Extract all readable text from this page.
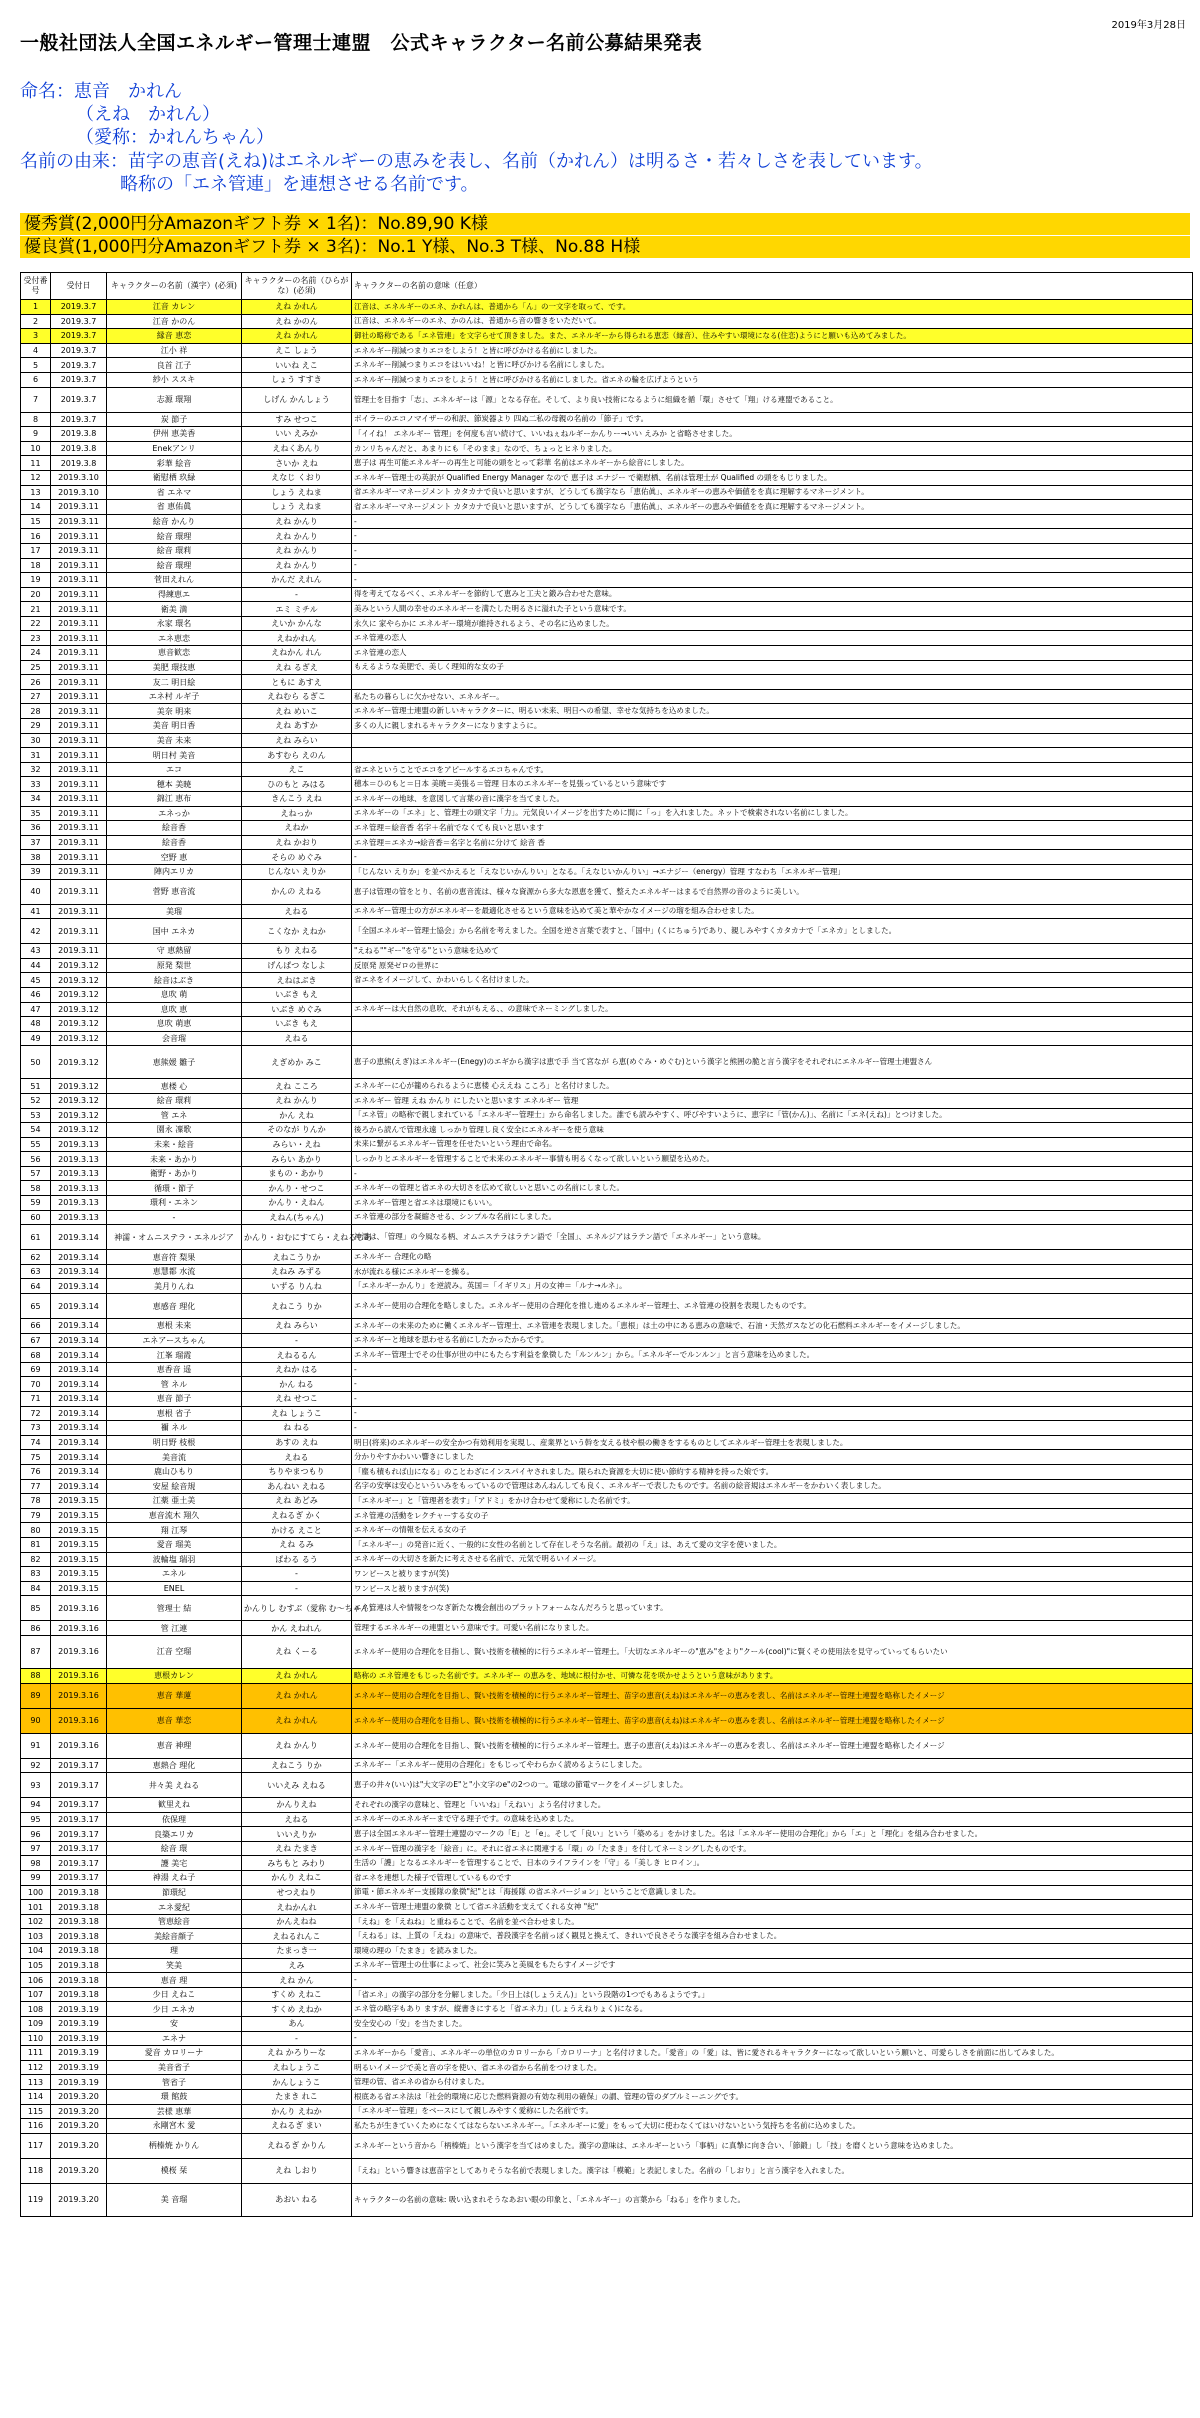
2019年3月28日
一般社団法人全国エネルギー管理士連盟　公式キャラクター名前公募結果発表
命名：恵音　かれん
（えね　かれん）
（愛称：かれんちゃん）
名前の由来：苗字の恵音(えね)はエネルギーの恵みを表し、名前（かれん）は明るさ・若々しさを表しています。
略称の「エネ管連」を連想させる名前です。
優秀賞(2,000円分Amazonギフト券 × 1名)：No.89,90 K様
優良賞(1,000円分Amazonギフト券 × 3名)：No.1 Y様、No.3 T様、No.88 H様
受付番号	受付日	キャラクターの名前（漢字）(必須)	キャラクターの名前（ひらがな）(必須)	キャラクターの名前の意味（任意）
1	2019.3.7	江音 カレン	えね かれん	江音は、エネルギーのエネ、かれんは、普通から「ん」の一文字を取って、です。
2	2019.3.7	江音 かのん	えね かのん	江音は、エネルギーのエネ、かのんは、普通から音の響きをいただいて。
3	2019.3.7	縁音 恵恋	えね かれん	御社の略称である「エネ管連」を文字らせて頂きました。また、エネルギーから得られる恵恋（縁音）、住みやすい環境になる(住恋)ようにと願いも込めてみました。
4	2019.3.7	江小 祥	えこ しょう	エネルギー削減つまりエコをしよう！と皆に呼びかける名前にしました。
5	2019.3.7	良首 江子	いいね えこ	エネルギー削減つまりエコをはいいね！と皆に呼びかける名前にしました。
6	2019.3.7	紗小 ススキ	しょう すすき	エネルギー削減つまりエコをしよう！と皆に呼びかける名前にしました。省エネの輪を広げようという
7	2019.3.7	志源 環翔	しげん かんしょう	管理士を目指す「志」、エネルギーは「源」となる存在。そして、より良い技術になるように組織を循「環」させて「翔」ける連盟であること。
8	2019.3.7	炭 節子	すみ せつこ	ボイラーのエコノマイザーの和訳、節炭器より 四ぬ二私の母親の名前の「節子」です。
9	2019.3.8	伊州 恵美香	いい えみか	「イイね！ エネルギー 管理」を何度も言い続けて、いいねぇねルギーかんりー→いい えみか と省略させました。
10	2019.3.8	Enekアンリ	えねくあんり	カンリちゃんだと、あまりにも「そのまま」なので、ちょっとヒネりました。
11	2019.3.8	彩華 絵音	さいか えね	恵子は 再生可能エネルギーの再生と可能の頭をとって彩華 名前はエネルギーから絵音にしました。
12	2019.3.10	衛慰栖 玖緑	えなじ くおり	エネルギー管理士の英訳が Qualified Energy Manager なので 恵子は エナジー で衛慰栖、名前は管理士が Qualified の頭をもじりました。
13	2019.3.10	省 エネマ	しょう えねま	省エネルギーマネージメント カタカナで良いと思いますが、どうしても漢字なら「恵佑眞」、エネルギーの恵みや価値をを真に理解するマネージメント。
14	2019.3.11	省 恵佑眞	しょう えねま	省エネルギーマネージメント カタカナで良いと思いますが、どうしても漢字なら「恵佑眞」、エネルギーの恵みや価値をを真に理解するマネージメント。
15	2019.3.11	絵音 かんり	えね かんり	-
16	2019.3.11	絵音 環理	えね かんり	-
17	2019.3.11	絵音 環莉	えね かんり	-
18	2019.3.11	絵音 環理	えね かんり	-
19	2019.3.11	菅田えれん	かんだ えれん	-
20	2019.3.11	得練恵エ	-	得を考えてなるべく、エネルギーを節約して恵みと工夫と鍛み合わせた意味。
21	2019.3.11	衛美 満	エミ ミチル	美みという人間の幸せのエネルギーを満たした明るさに溢れた子という意味です。
22	2019.3.11	永家 環名	えいか かんな	永久に 家やらかに エネルギー環境が維持されるよう、その名に込めました。
23	2019.3.11	エネ恵恋	えねかれん	エネ管連の恋人
24	2019.3.11	恵音歓恋	えねかん れん	エネ管連の恋人
25	2019.3.11	美肥 環技恵	えね るぎえ	もえるような美肥で、美しく理知的な女の子
26	2019.3.11	友二 明日絵	ともに あすえ	
27	2019.3.11	エネ村 ルギ子	えねむら るぎこ	私たちの暮らしに欠かせない、エネルギー。
28	2019.3.11	美奈 明来	えね めいこ	エネルギー管理士連盟の新しいキャラクターに、明るい未来、明日への希望、幸せな気持ちを込めました。
29	2019.3.11	美音 明日香	えね あすか	多くの人に親しまれるキャラクターになりますように。
30	2019.3.11	美音 未来	えね みらい	
31	2019.3.11	明日村 美音	あすむら えのん	
32	2019.3.11	エコ	えこ	省エネということでエコをアピールするエコちゃんです。
33	2019.3.11	穂本 美暁	ひのもと みはる	穂本＝ひのもと＝日本 美暁＝美張る＝管理 日本のエネルギーを見張っているという意味です
34	2019.3.11	錦江 恵布	きんこう えね	エネルギーの地球、を意図して言葉の音に漢字を当てました。
35	2019.3.11	エネっか	えねっか	エネルギーの「エネ」と、管理士の頭文字「力」。元気良いイメージを出すために間に「っ」を入れました。ネットで検索されない名前にしました。
36	2019.3.11	絵音香	えねか	エネ管理＝絵音香 名字＋名前でなくても良いと思います
37	2019.3.11	絵音香	えね かおり	エネ管理＝エネカ→絵音香＝名字と名前に分けて 絵音 香
38	2019.3.11	空野 恵	そらの めぐみ	-
39	2019.3.11	陣内エリカ	じんない えりか	「じんない えりか」を並べかえると「えなじいかんりい」となる。「えなじいかんりい」→エナジー（energy）管理 すなわち「エネルギー管理」
40	2019.3.11	菅野 恵音流	かんの えねる	恵子は管理の管をとり、名前の恵音流は、様々な資源から多大な恩恵を獲て、整えたエネルギーはまるで自然界の音のように美しい。
41	2019.3.11	美瑠	えねる	エネルギー管理士の方がエネルギーを最適化させるという意味を込めて美と華やかなイメージの瑠を組み合わせました。
42	2019.3.11	国中 エネカ	こくなか えねか	「全国エネルギー管理士協会」から名前を考えました。全国を逆さ言葉で表すと、「国中」(くにちゅう)であり、親しみやすくカタカナで「エネカ」としました。
43	2019.3.11	守 恵熱留	もり えねる	"えねる""ギー"を守る"という意味を込めて
44	2019.3.12	原発 梨世	げんぱつ なしよ	反原発 原発ゼロの世界に
45	2019.3.12	絵音はぶき	えねはぶき	省エネをイメージして、かわいらしく名付けました。
46	2019.3.12	息吹 萌	いぶき もえ	
47	2019.3.12	息吹 恵	いぶき めぐみ	エネルギーは大自然の息吹、それがもえる、、の意味でネーミングしました。
48	2019.3.12	息吹 萌恵	いぶき もえ	
49	2019.3.12	会音瑠	えねる	
50	2019.3.12	恵熊媛 雛子	えぎめか みこ	恵子の恵熊(えぎ)はエネルギー(Enegy)のエギから漢字は恵で手 当て宮なが ら恵(めぐみ・めぐむ)という漢字と熊囲の脆と言う漢字をそれぞれにエネルギー管理士連盟さん
51	2019.3.12	恵楼 心	えね こころ	エネルギーに心が籠められるように恵楼 心ええね こころ」と名付けました。
52	2019.3.12	絵音 環莉	えね かんり	エネルギー 管理 えね かんり にしたいと思います エネルギー 管理
53	2019.3.12	管 エネ	かん えね	「エネ管」の略称で親しまれている「エネルギー管理士」から命名しました。誰でも読みやすく、呼びやすいように、恵字に「管(かん)」、名前に「エネ(えね)」とつけました。
54	2019.3.12	園永 凜歌	そのなが りんか	後ろから読んで管理永遠 しっかり管理し良く安全にエネルギーを使う意味
55	2019.3.13	未来・絵音	みらい・えね	未来に繋がるエネルギー管理を任せたいという理由で命名。
56	2019.3.13	未来・あかり	みらい あかり	しっかりとエネルギーを管理することで未来のエネルギー事情も明るくなって欲しいという願望を込めた。
57	2019.3.13	衛野・あかり	まもの・あかり	-
58	2019.3.13	循環・節子	かんり・せつこ	エネルギーの管理と省エネの大切さを広めて欲しいと思いこの名前にしました。
59	2019.3.13	環利・エネン	かんり・えねん	エネルギー管理と省エネは環境にもいい。
60	2019.3.13	-	えねん(ちゃん)	エネ管連の部分を凝縮させる、シンプルな名前にしました。
61	2019.3.14	神濡・オムニステラ・エネルジア	かんり・おむにすてら・えねるじあ	神濡は、「管理」の今風なる柄、オムニステラはラテン語で「全国」、エネルジアはラテン語で「エネルギー」という意味。
62	2019.3.14	恵音符 梨果	えねこうりか	エネルギー 合理化の略
63	2019.3.14	恵慧都 水流	えねみ みずる	水が流れる様にエネルギーを操る。
64	2019.3.14	美月りんね	いずる りんね	「エネルギーかんり」を逆読み。英国＝「イギリス」月の女神＝「ルナ→ルネ」。
65	2019.3.14	恵感音 理化	えねこう りか	エネルギー使用の合理化を略しました。エネルギー使用の合理化を推し進めるエネルギー管理士、エネ管連の役割を表現したものです。
66	2019.3.14	恵根 未来	えね みらい	エネルギーの未来のために働くエネルギー管理士、エネ管連を表現しました。「恵根」は土の中にある恵みの意味で、石油・天然ガスなどの化石燃料エネルギーをイメージしました。
67	2019.3.14	エネアースちゃん	-	エネルギーと地球を思わせる名前にしたかったからです。
68	2019.3.14	江峯 瑠霞	えねるるん	エネルギー管理士でその仕事が世の中にもたらす利益を象徴した「ルンルン」から。「エネルギーでルンルン」と言う意味を込めました。
69	2019.3.14	恵香音 遥	えねか はる	-
70	2019.3.14	管 ネル	かん ねる	-
71	2019.3.14	恵音 節子	えね せつこ	-
72	2019.3.14	恵根 省子	えね しょうこ	-
73	2019.3.14	禰 ネル	ね ねる	-
74	2019.3.14	明日野 枝根	あすの えね	明日(将来)のエネルギーの安全かつ有効利用を実現し、産業界という幹を支える枝や根の働きをするものとしてエネルギー管理士を表現しました。
75	2019.3.14	美音流	えねる	分かりやすかわいい響きにしました
76	2019.3.14	鹿山ひもり	ちりやまつもり	「塵も積もれば山になる」のことわざにインスパイヤされました。限られた資源を大切に使い節約する精神を持った娘です。
77	2019.3.14	安屋 絵音規	あんねい えねる	名字の安寧は安心といういみをもっているので管理はあんねんしても良く、エネルギーで表したものです。名前の絵音規はエネルギーをかわいく表しました。
78	2019.3.15	江薬 亜土美	えね あどみ	「エネルギー」と「管理者を表す」「アドミ」をかけ合わせて愛称にした名前です。
79	2019.3.15	恵音流木 翔久	えねるぎ かく	エネ管連の活動をレクチャーする女の子
80	2019.3.15	翔 江琴	かける えこと	エネルギーの情報を伝える女の子
81	2019.3.15	愛音 瑠美	えね るみ	「エネルギー」の発音に近く、一般的に女性の名前として存在しそうな名前。最初の「え」は、あえて愛の文字を使いました。
82	2019.3.15	波輪塩 瑞羽	ぱわる るう	エネルギーの大切さを新たに考えさせる名前で、元気で明るいイメージ。
83	2019.3.15	エネル	-	ワンピースと被りますが(笑)
84	2019.3.15	ENEL	-	ワンピースと被りますが(笑)
85	2019.3.16	管理士 結	かんりし むすぶ（愛称 む〜ちゃん）	エネ管連は人や情報をつなぎ新たな機会創出のプラットフォームなんだろうと思っています。
86	2019.3.16	管 江連	かん えねれん	管理するエネルギーの連盟という意味です。可愛い名前になりました。
87	2019.3.16	江音 空瑠	えね くーる	エネルギー使用の合理化を目指し、賢い技術を積極的に行うエネルギー管理士。「大切なエネルギーの"恵み"をより"クール(cool)"に賢くその使用法を見守っていってもらいたい
88	2019.3.16	恵根カレン	えね かれん	略称の エネ管連をもじった名前です。エネルギー の恵みを、地域に根付かせ、可憐な花を咲かせようという意味があります。
89	2019.3.16	恵音 華蓮	えね かれん	エネルギー使用の合理化を目指し、賢い技術を積極的に行うエネルギー管理士、苗字の恵音(えね)はエネルギーの恵みを表し、名前はエネルギー管理士連盟を略称したイメージ
90	2019.3.16	恵音 華恋	えね かれん	エネルギー使用の合理化を目指し、賢い技術を積極的に行うエネルギー管理士、苗字の恵音(えね)はエネルギーの恵みを表し、名前はエネルギー管理士連盟を略称したイメージ
91	2019.3.16	恵音 神理	えね かんり	エネルギー使用の合理化を目指し、賢い技術を積極的に行うエネルギー管理士。恵子の恵音(えね)はエネルギーの恵みを表し、名前はエネルギー管理士連盟を略称したイメージ
92	2019.3.17	恵熱合 理化	えねこう りか	エネルギー「エネルギー使用の合理化」をもじってやわらかく読めるようにしました。
93	2019.3.17	井々美 えねる	いいえみ えねる	恵子の井々(いい)は"大文字のE"と"小文字のe"の2つの一。電球の節電マークをイメージしました。
94	2019.3.17	歓里えね	かんりえね	それぞれの漢字の意味と、管理と「いいね」「えねい」よう名付けました。
95	2019.3.17	依保理	えねる	エネルギーのエネルギーまで守る理子です。の意味を込めました。
96	2019.3.17	良築エリカ	いいえりか	恵子は全国エネルギー管理士連盟のマークの「E」と「e」。そして「良い」という「築める」をかけました。名は「エネルギー使用の合理化」から「エ」と「理化」を組み合わせました。
97	2019.3.17	絵音 環	えね たまき	エネルギー管理の漢字を「絵音」に。それに省エネに関連する「環」の「たまき」を付してネーミングしたものです。
98	2019.3.17	護 美宅	みちもと みわり	生活の「護」となるエネルギーを管理することで、日本のライフラインを「守」る「美しき ヒロイン」。
99	2019.3.17	神湯 えね子	かんり えねこ	省エネを連想した様子で管理しているものです
100	2019.3.18	節環紀	せつえねり	節電・節エネルギー支援隊の象徴"紀"とは「海援隊 の省エネパージョン」ということで意識しました。
101	2019.3.18	エネ愛紀	えねかんれ	エネルギー管理士連盟の象徴 として省エネ活動を支えてくれる女神 "紀"
102	2019.3.18	管恵絵音	かんえねね	「えね」を「えねね」と重ねることで、名前を並べ合わせました。
103	2019.3.18	美絵音顔子	えねるれんこ	「えねる」は、上質の「えね」の意味で、普段漢字を名前っぽく観見と換えて、きれいで良さそうな漢字を組み合わせました。
104	2019.3.18	理	たまっき一	環境の理の「たまき」を読みました。
105	2019.3.18	笑美	えみ	エネルギー管理士の仕事によって、社会に笑みと美風をもたらすイメージです
106	2019.3.18	恵音 理	えね かん	-
107	2019.3.18	少日 えねこ	すくめ えねこ	「省エネ」の漢字の部分を分解しました。「少日上は(しょうえん)」という段階の1つでもあるようです。」
108	2019.3.19	少日 エネカ	すくめ えねか	エネ管の略字もあり ますが、縦書きにすると「省エネ力」(しょうえねりょく)になる。
109	2019.3.19	安	あん	安全安心の「安」を当たました。
110	2019.3.19	エネナ	-	-
111	2019.3.19	愛音 カロリーナ	えね かろりーな	エネルギーから「愛音」、エネルギーの単位のカロリーから「カロリーナ」と名付けました。「愛音」の「愛」は、皆に愛されるキャラクターになって欲しいという願いと、可愛らしさを前面に出してみました。
112	2019.3.19	美音省子	えねしょうこ	明るいイメージで美と音の字を使い、省エネの省から名前をつけました。
113	2019.3.19	管省子	かんしょうこ	管理の管、省エネの省から付けました。
114	2019.3.20	環 館鼓	たまき れこ	根底ある省エネ法は「社会的環境に応じた燃料資源の有効な利用の確保」の謂、管理の管のダブルミーニングです。
115	2019.3.20	芸様 恵華	かんり えねか	「エネルギー管理」をベースにして親しみやすく愛称にした名前です。
116	2019.3.20	永剛宮木 愛	えねるぎ まい	私たちが生きていくためになくてはならないエネルギー。「エネルギーに愛」をもって大切に使わなくてはいけないという気持ちを名前に込めました。
117	2019.3.20	柄榛焼 かりん	えねるぎ かりん	エネルギーという音から「柄榛焼」という漢字を当てはめました。漢字の意味は、エネルギーという「事柄」に真摯に向き合い、「節鍛」し「技」を磨くという意味を込めました。
118	2019.3.20	模桜 栞	えね しおり	「えね」という響きは恵苗字としてありそうな名前で表現しました。漢字は「模範」と表記しました。名前の「しおり」と言う漢字を入れました。
119	2019.3.20	美 音瑠	あおい ねる	キャラクターの名前の意味: 吸い込まれそうなあおい眼の印象と、「エネルギー」の言葉から「ねる」を作りました。
